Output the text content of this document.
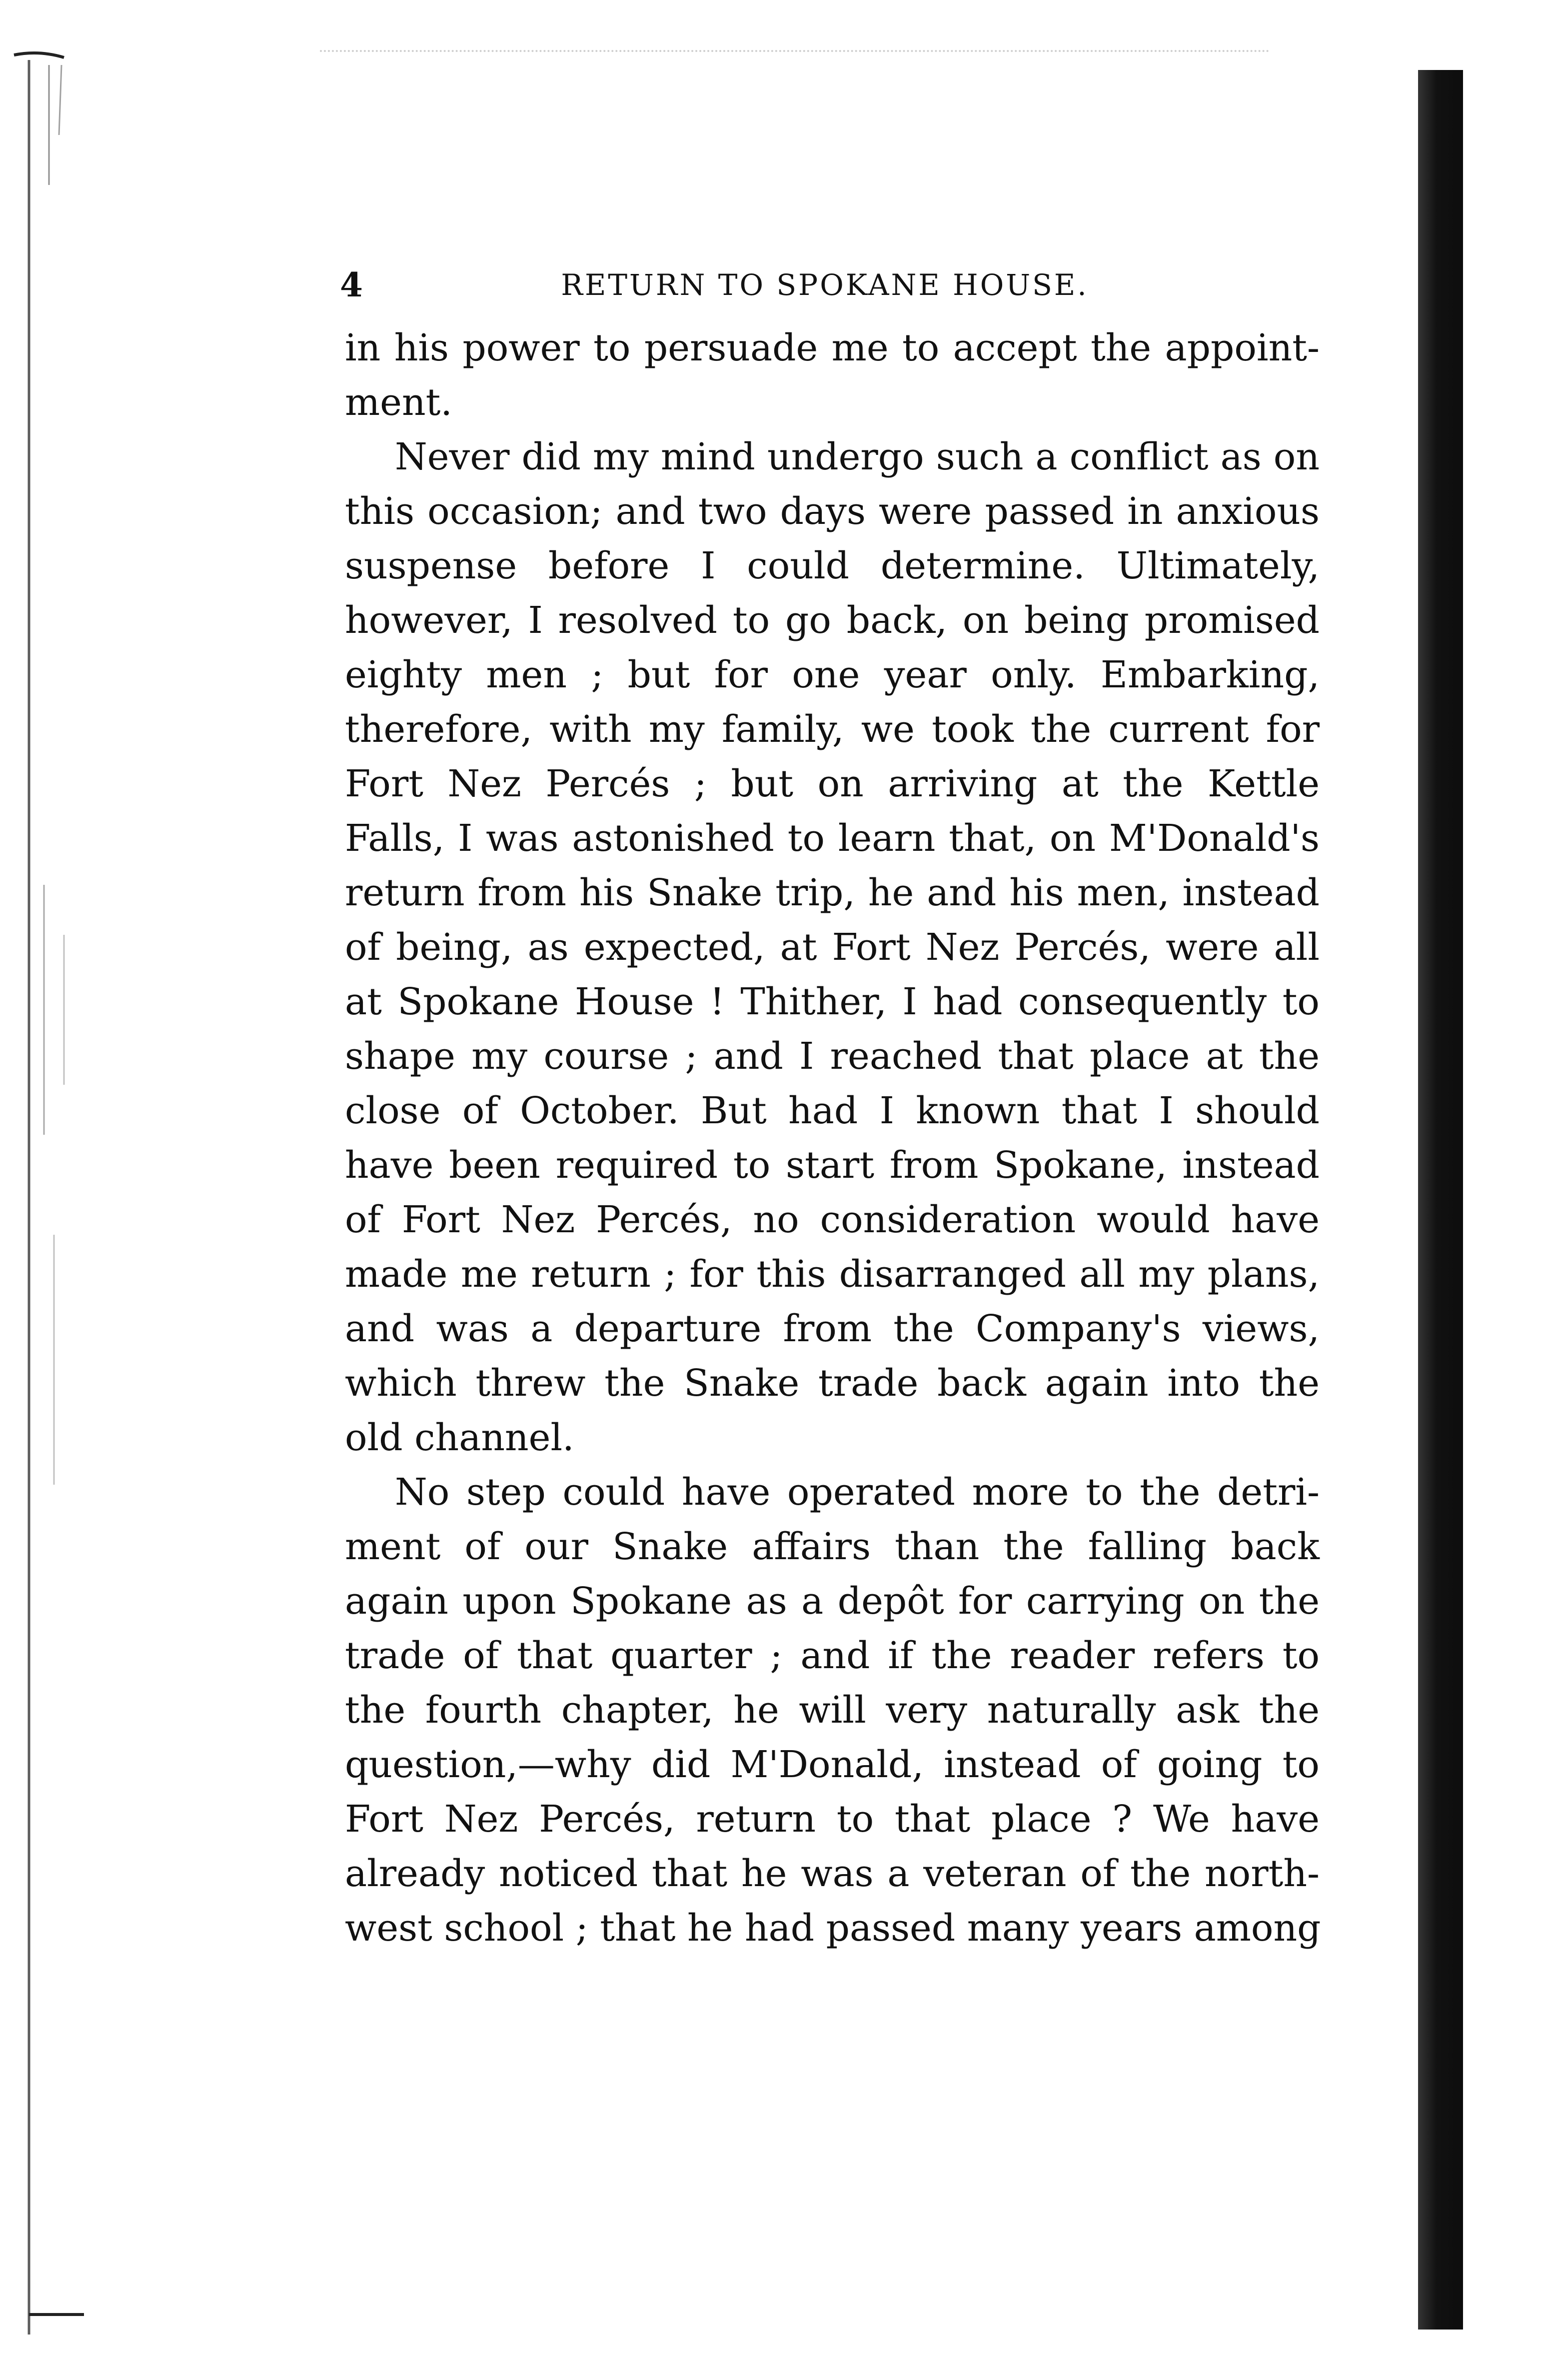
4	RETURN TO SPOKANE HOUSE.
in his power to persuade me to accept the appoint-
ment.
Never did my mind undergo such a conflict as on
this occasion; and two days were passed in anxious
suspense before I could determine. Ultimately,
however, I resolved to go back, on being promised
eighty men ; but for one year only. Embarking,
therefore, with my family, we took the current for
Fort Nez Percés ; but on arriving at the Kettle
Falls, I was astonished to learn that, on M'Donald's
return from his Snake trip, he and his men, instead
of being, as expected, at Fort Nez Percés, were all
at Spokane House ! Thither, I had consequently to
shape my course ; and I reached that place at the
close of October. But had I known that I should
have been required to start from Spokane, instead
of Fort Nez Percés, no consideration would have
made me return ; for this disarranged all my plans,
and was a departure from the Company's views,
which threw the Snake trade back again into the
old channel.
No step could have operated more to the detri-
ment of our Snake affairs than the falling back
again upon Spokane as a depôt for carrying on the
trade of that quarter ; and if the reader refers to
the fourth chapter, he will very naturally ask the
question,—why did M'Donald, instead of going to
Fort Nez Percés, return to that place ? We have
already noticed that he was a veteran of the north-
west school ; that he had passed many years among
